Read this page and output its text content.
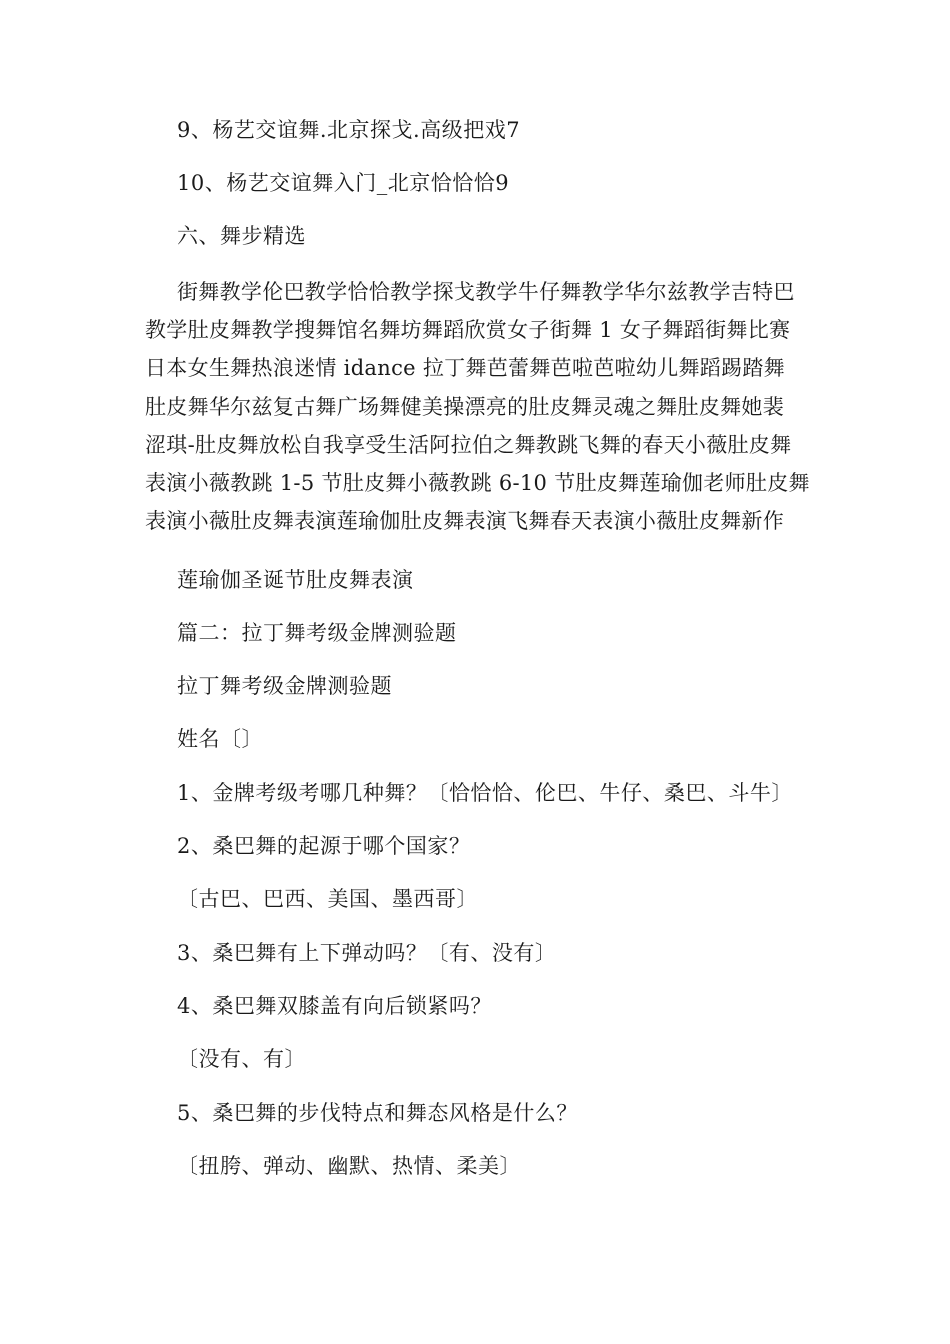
9、杨艺交谊舞.北京探戈.高级把戏7
10、杨艺交谊舞入门_北京恰恰恰9
六、舞步精选
街舞教学伦巴教学恰恰教学探戈教学牛仔舞教学华尔兹教学吉特巴
教学肚皮舞教学搜舞馆名舞坊舞蹈欣赏女子街舞 1 女子舞蹈街舞比赛
日本女生舞热浪迷情 idance 拉丁舞芭蕾舞芭啦芭啦幼儿舞蹈踢踏舞
肚皮舞华尔兹复古舞广场舞健美操漂亮的肚皮舞灵魂之舞肚皮舞她裴
涩琪-肚皮舞放松自我享受生活阿拉伯之舞教跳飞舞的春天小薇肚皮舞
表演小薇教跳 1-5 节肚皮舞小薇教跳 6-10 节肚皮舞莲瑜伽老师肚皮舞
表演小薇肚皮舞表演莲瑜伽肚皮舞表演飞舞春天表演小薇肚皮舞新作
莲瑜伽圣诞节肚皮舞表演
篇二：拉丁舞考级金牌测验题
拉丁舞考级金牌测验题
姓名〔〕
1、金牌考级考哪几种舞？〔恰恰恰、伦巴、牛仔、桑巴、斗牛〕
2、桑巴舞的起源于哪个国家？
〔古巴、巴西、美国、墨西哥〕
3、桑巴舞有上下弹动吗？〔有、没有〕
4、桑巴舞双膝盖有向后锁紧吗？
〔没有、有〕
5、桑巴舞的步伐特点和舞态风格是什么？
〔扭胯、弹动、幽默、热情、柔美〕
